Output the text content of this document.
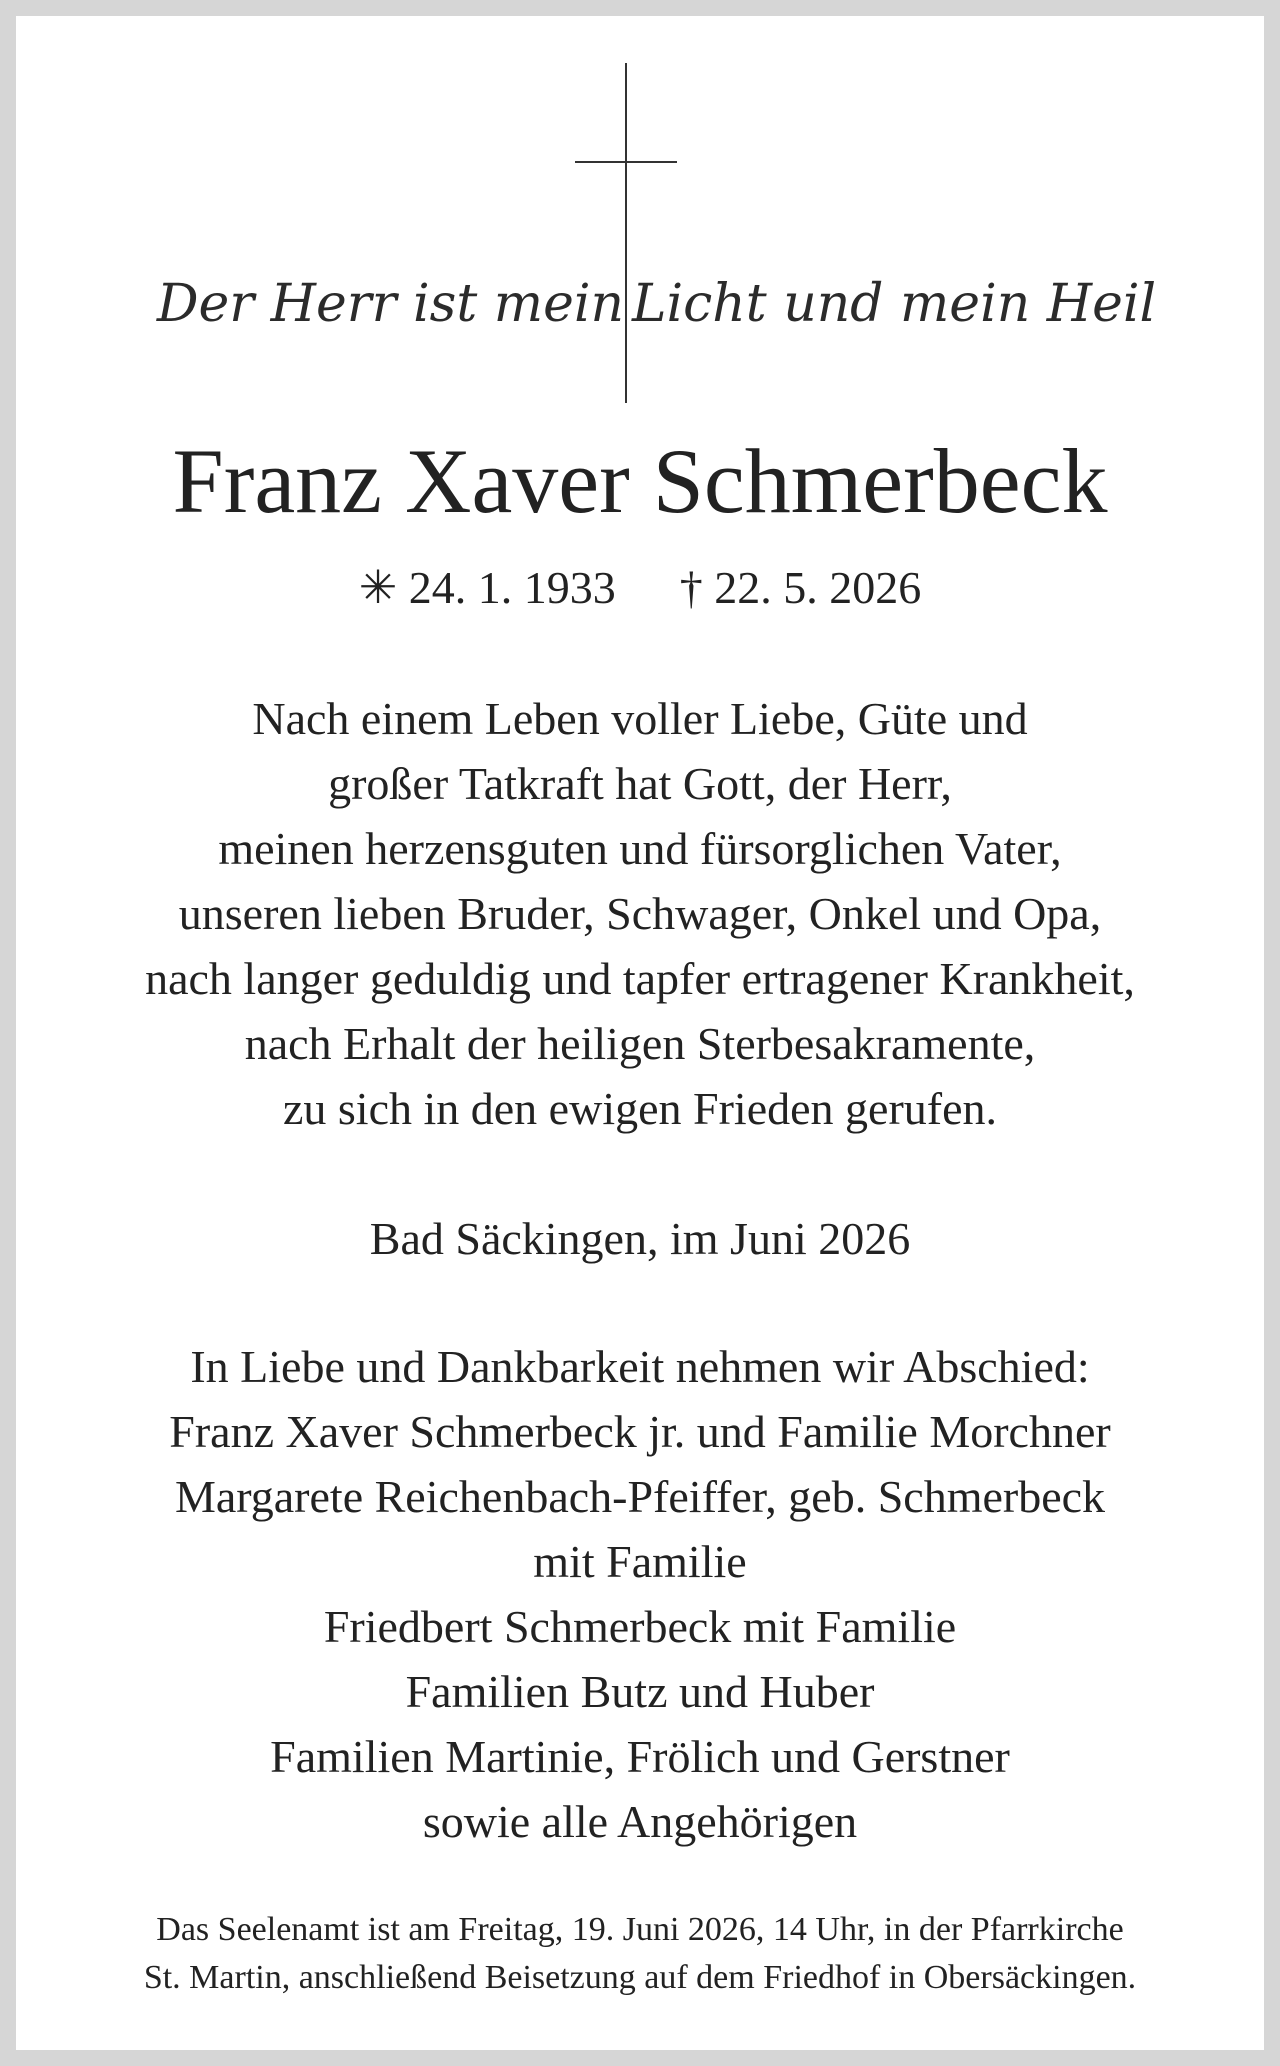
Der Herr ist mein Licht und mein Heil
Franz Xaver Schmerbeck
✳ 24. 1. 1933 † 22. 5. 2026
Nach einem Leben voller Liebe, Güte und
großer Tatkraft hat Gott, der Herr,
meinen herzensguten und fürsorglichen Vater,
unseren lieben Bruder, Schwager, Onkel und Opa,
nach langer geduldig und tapfer ertragener Krankheit,
nach Erhalt der heiligen Sterbesakramente,
zu sich in den ewigen Frieden gerufen.
Bad Säckingen, im Juni 2026
In Liebe und Dankbarkeit nehmen wir Abschied:
Franz Xaver Schmerbeck jr. und Familie Morchner
Margarete Reichenbach-Pfeiffer, geb. Schmerbeck
mit Familie
Friedbert Schmerbeck mit Familie
Familien Butz und Huber
Familien Martinie, Frölich und Gerstner
sowie alle Angehörigen
Das Seelenamt ist am Freitag, 19. Juni 2026, 14 Uhr, in der Pfarrkirche
St. Martin, anschließend Beisetzung auf dem Friedhof in Obersäckingen.
